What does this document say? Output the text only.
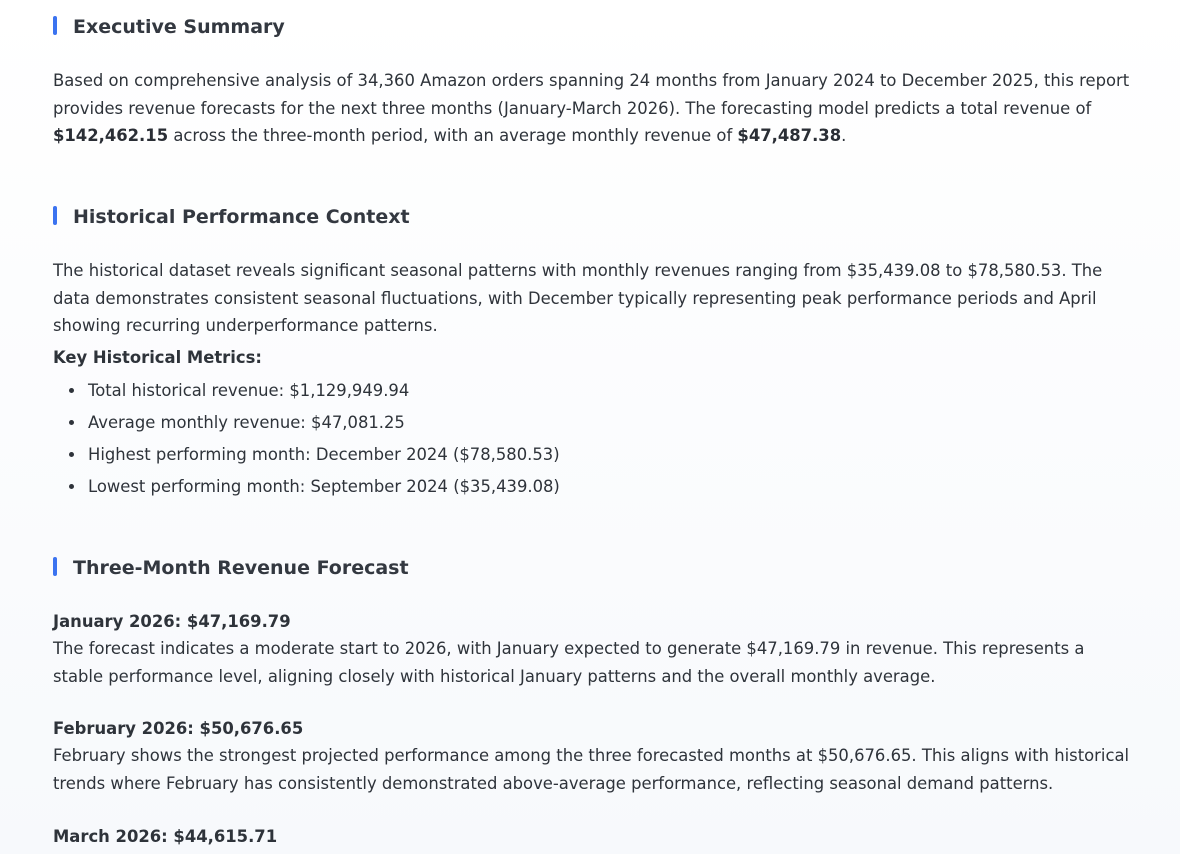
Executive Summary

Based on comprehensive analysis of 34,360 Amazon orders spanning 24 months from January 2024 to December 2025, this report provides revenue forecasts for the next three months (January-March 2026). The forecasting model predicts a total revenue of $142,462.15 across the three-month period, with an average monthly revenue of $47,487.38.

Historical Performance Context

The historical dataset reveals significant seasonal patterns with monthly revenues ranging from $35,439.08 to $78,580.53. The data demonstrates consistent seasonal fluctuations, with December typically representing peak performance periods and April showing recurring underperformance patterns.

Key Historical Metrics:

Total historical revenue: $1,129,949.94
Average monthly revenue: $47,081.25
Highest performing month: December 2024 ($78,580.53)
Lowest performing month: September 2024 ($35,439.08)
Three-Month Revenue Forecast

January 2026: $47,169.79

The forecast indicates a moderate start to 2026, with January expected to generate $47,169.79 in revenue. This represents a stable performance level, aligning closely with historical January patterns and the overall monthly average.

February 2026: $50,676.65

February shows the strongest projected performance among the three forecasted months at $50,676.65. This aligns with historical trends where February has consistently demonstrated above-average performance, reflecting seasonal demand patterns.

March 2026: $44,615.71
